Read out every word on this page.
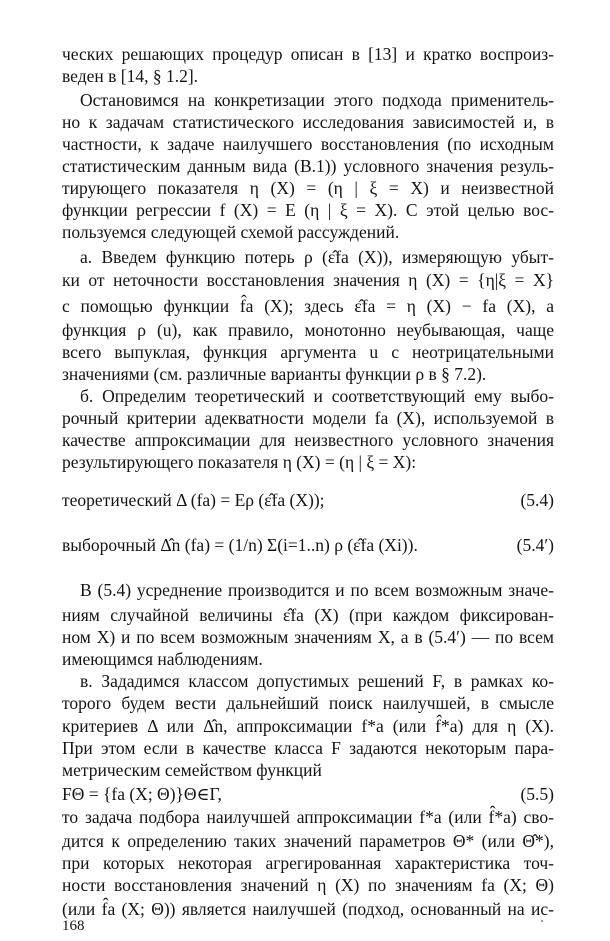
ческих решающих процедур описан в [13] и кратко воспроиз-
веден в [14, § 1.2].
Остановимся на конкретизации этого подхода применитель-
но к задачам статистического исследования зависимостей и, в
частности, к задаче наилучшего восстановления (по исходным
статистическим данным вида (В.1)) условного значения резуль-
тирующего показателя η (X) = (η | ξ = X) и неизвестной
функции регрессии f (X) = E (η | ξ = X). С этой целью вос-
пользуемся следующей схемой рассуждений.
а. Введем функцию потерь ρ (ε̂fa (X)), измеряющую убыт-
ки от неточности восстановления значения η (X) = {η|ξ = X}
с помощью функции f̂a (X); здесь ε̂fa = η (X) − fa (X), а
функция ρ (u), как правило, монотонно неубывающая, чаще
всего выпуклая, функция аргумента u с неотрицательными
значениями (см. различные варианты функции ρ в § 7.2).
б. Определим теоретический и соответствующий ему выбо-
рочный критерии адекватности модели fa (X), используемой в
качестве аппроксимации для неизвестного условного значения
результирующего показателя η (X) = (η | ξ = X):
теоретический Δ (fa) = Eρ (ε̂fa (X));	(5.4)
выборочный Δ̂n (fa) = (1/n) Σ(i=1..n) ρ (ε̂fa (Xi)).	(5.4′)
В (5.4) усреднение производится и по всем возможным значе-
ниям случайной величины ε̂fa (X) (при каждом фиксирован-
ном X) и по всем возможным значениям X, а в (5.4′) — по всем
имеющимся наблюдениям.
в. Зададимся классом допустимых решений F, в рамках ко-
торого будем вести дальнейший поиск наилучшей, в смысле
критериев Δ или Δ̂n, аппроксимации f*a (или f̂*a) для η (X).
При этом если в качестве класса F задаются некоторым пара-
метрическим семейством функций
FΘ = {fa (X; Θ)}Θ∈Γ,	(5.5)
то задача подбора наилучшей аппроксимации f*a (или f̂*a) сво-
дится к определению таких значений параметров Θ* (или Θ̂*),
при которых некоторая агрегированная характеристика точ-
ности восстановления значений η (X) по значениям fa (X; Θ)
(или f̂a (X; Θ)) является наилучшей (подход, основанный на ис-
168
